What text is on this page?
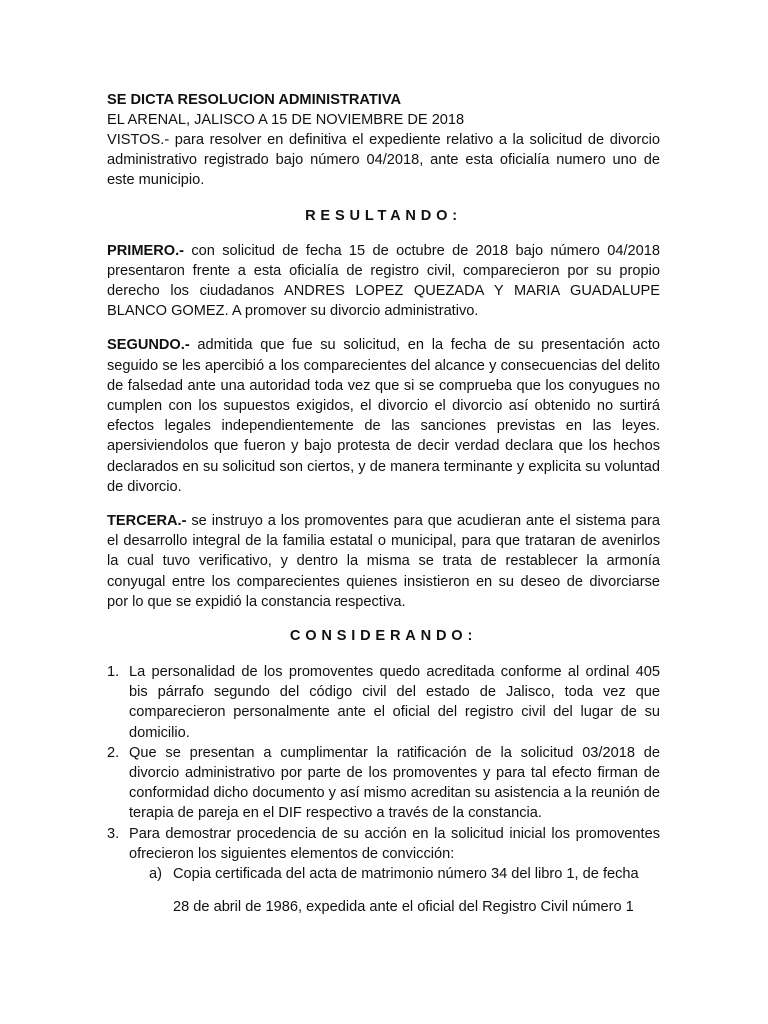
SE DICTA RESOLUCION ADMINISTRATIVA

EL ARENAL, JALISCO A 15 DE NOVIEMBRE DE 2018

VISTOS.- para resolver en definitiva el expediente relativo a la solicitud de divorcio administrativo registrado bajo número 04/2018, ante esta oficialía numero uno de este municipio.

RESULTANDO:

PRIMERO.- con solicitud de fecha 15 de octubre de 2018 bajo número 04/2018 presentaron frente a esta oficialía de registro civil, comparecieron por su propio derecho los ciudadanos ANDRES LOPEZ QUEZADA Y MARIA GUADALUPE BLANCO GOMEZ. A promover su divorcio administrativo.

SEGUNDO.- admitida que fue su solicitud, en la fecha de su presentación acto seguido se les apercibió a los comparecientes del alcance y consecuencias del delito de falsedad ante una autoridad toda vez que si se comprueba que los conyugues no cumplen con los supuestos exigidos, el divorcio el divorcio así obtenido no surtirá efectos legales independientemente de las sanciones previstas en las leyes. apersiviendolos que fueron y bajo protesta de decir verdad declara que los hechos declarados en su solicitud son ciertos, y de manera terminante y explicita su voluntad de divorcio.

TERCERA.- se instruyo a los promoventes para que acudieran ante el sistema para el desarrollo integral de la familia estatal o municipal, para que trataran de avenirlos la cual tuvo verificativo, y dentro la misma se trata de restablecer la armonía conyugal entre los comparecientes quienes insistieron en su deseo de divorciarse por lo que se expidió la constancia respectiva.

CONSIDERANDO:

1. La personalidad de los promoventes quedo acreditada conforme al ordinal 405 bis párrafo segundo del código civil del estado de Jalisco, toda vez que comparecieron personalmente ante el oficial del registro civil del lugar de su domicilio.
2. Que se presentan a cumplimentar la ratificación de la solicitud 03/2018 de divorcio administrativo por parte de los promoventes y para tal efecto firman de conformidad dicho documento y así mismo acreditan su asistencia a la reunión de terapia de pareja en el DIF respectivo a través de la constancia.
3. Para demostrar procedencia de su acción en la solicitud inicial los promoventes ofrecieron los siguientes elementos de convicción:
a) Copia certificada del acta de matrimonio número 34 del libro 1, de fecha

28 de abril de 1986, expedida ante el oficial del Registro Civil número 1
